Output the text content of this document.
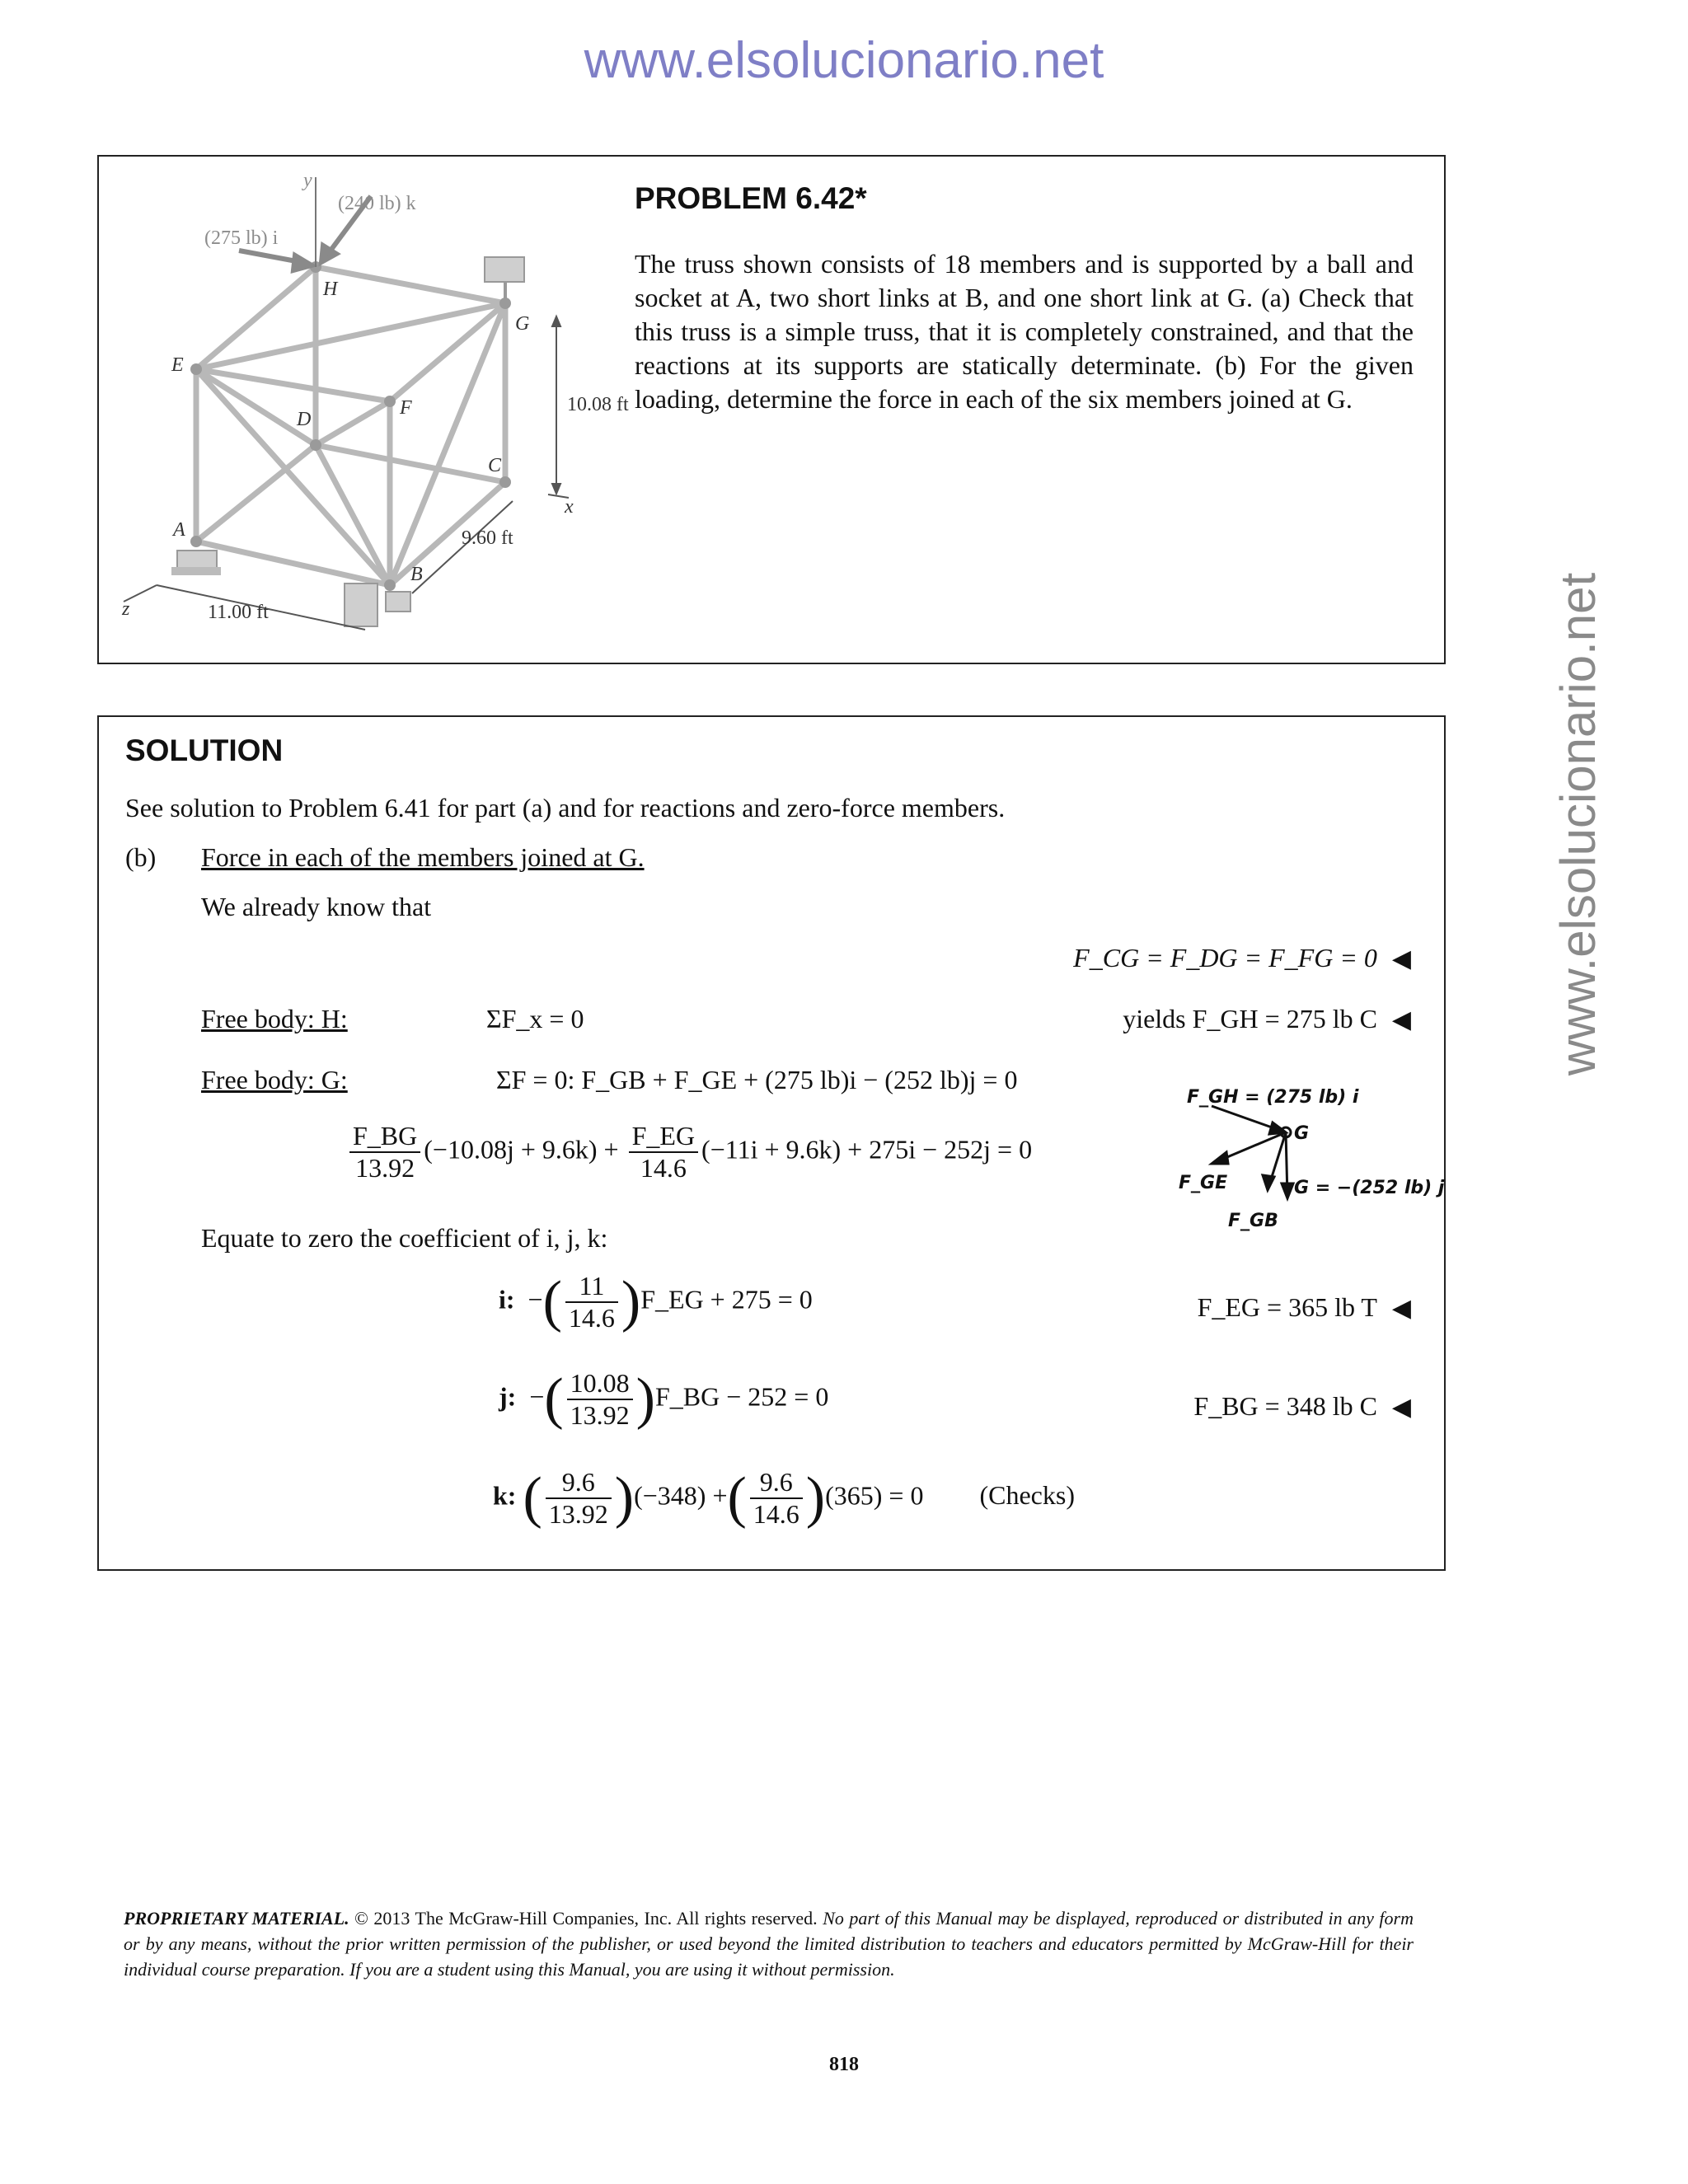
www.elsolucionario.net
www.elsolucionario.net
y
(240 lb) k
(275 lb) i
10.08 ft
9.60 ft
11.00 ft
x
z
A
B
C
D
E
F
G
H
PROBLEM 6.42*
The truss shown consists of 18 members and is supported by a ball and socket at A, two short links at B, and one short link at G. (a) Check that this truss is a simple truss, that it is completely constrained, and that the reactions at its supports are statically determinate. (b) For the given loading, determine the force in each of the six members joined at G.
SOLUTION
See solution to Problem 6.41 for part (a) and for reactions and zero-force members.
(b) Force in each of the members joined at G.
We already know that
F_CG = F_DG = F_FG = 0 ◀
Free body: H:	ΣF_x = 0	yields F_GH = 275 lb C ◀
Free body: G:	ΣF = 0: F_GB + F_GE + (275 lb)i − (252 lb)j = 0
$\frac{F\_BG}{13.92} (-10.08j + 9.6k) + \frac{F\_EG}{14.6} (-11i + 9.6k) + 275i - 252j = 0$
Equate to zero the coefficient of i, j, k:
i:  −( $\frac{11}{14.6}$ )F_EG + 275 = 0	F_EG = 365 lb T ◀
j:  −( $\frac{10.08}{13.92}$ )F_BG − 252 = 0	F_BG = 348 lb C ◀
k: ( $\frac{9.6}{13.92} )(-348)$ +( $\frac{9.6}{14.6} )(365) = 0$ (Checks)
F_GH = (275 lb) i
G
F_GE
F_GB
G = −(252 lb) j
PROPRIETARY MATERIAL. © 2013 The McGraw-Hill Companies, Inc. All rights reserved. No part of this Manual may be displayed, reproduced or distributed in any form or by any means, without the prior written permission of the publisher, or used beyond the limited distribution to teachers and educators permitted by McGraw-Hill for their individual course preparation. If you are a student using this Manual, you are using it without permission.
818
